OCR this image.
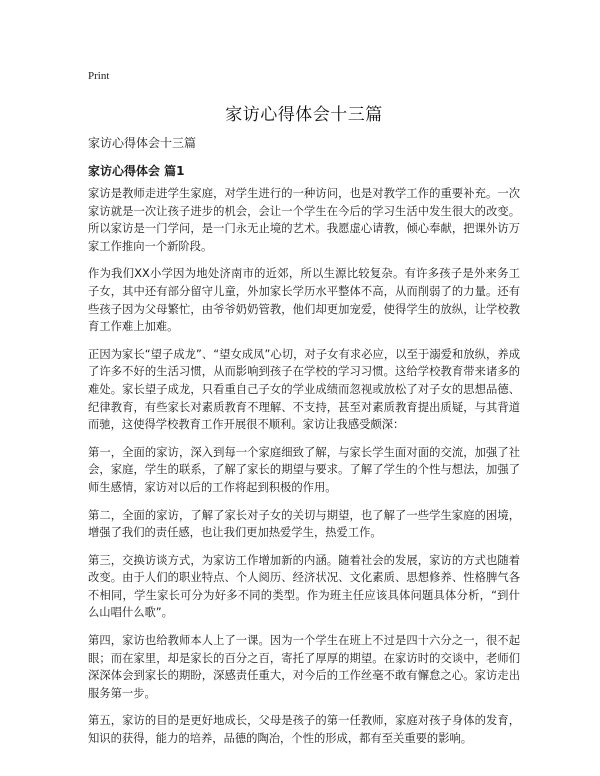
Print
家访心得体会十三篇

家访心得体会十三篇

家访心得体会 篇1

家访是教师走进学生家庭，对学生进行的一种访问，也是对教学工作的重要补充。一次家访就是一次让孩子进步的机会，会让一个学生在今后的学习生活中发生很大的改变。所以家访是一门学问，是一门永无止境的艺术。我愿虚心请教，倾心奉献，把课外访万家工作推向一个新阶段。

作为我们XX小学因为地处济南市的近郊，所以生源比较复杂。有许多孩子是外来务工子女，其中还有部分留守儿童，外加家长学历水平整体不高，从而削弱了的力量。还有些孩子因为父母繁忙，由爷爷奶奶管教，他们却更加宠爱，使得学生的放纵，让学校教育工作难上加难。

正因为家长“望子成龙”、“望女成凤”心切，对子女有求必应，以至于溺爱和放纵，养成了许多不好的生活习惯，从而影响到孩子在学校的学习习惯。这给学校教育带来诸多的难处。家长望子成龙，只看重自己子女的学业成绩而忽视或放松了对子女的思想品德、纪律教育，有些家长对素质教育不理解、不支持，甚至对素质教育提出质疑，与其背道而驰，这使得学校教育工作开展很不顺利。家访让我感受颇深：

第一，全面的家访，深入到每一个家庭细致了解，与家长学生面对面的交流，加强了社会，家庭，学生的联系，了解了家长的期望与要求。了解了学生的个性与想法，加强了师生感情，家访对以后的工作将起到积极的作用。

第二，全面的家访，了解了家长对子女的关切与期望，也了解了一些学生家庭的困境，增强了我们的责任感，也让我们更加热爱学生，热爱工作。

第三，交换访谈方式，为家访工作增加新的内涵。随着社会的发展，家访的方式也随着改变。由于人们的职业特点、个人阅历、经济状况、文化素质、思想修养、性格脾气各不相同，学生家长可分为好多不同的类型。作为班主任应该具体问题具体分析，“到什么山唱什么歌”。

第四，家访也给教师本人上了一课。因为一个学生在班上不过是四十六分之一，很不起眼；而在家里，却是家长的百分之百，寄托了厚厚的期望。在家访时的交谈中，老师们深深体会到家长的期盼，深感责任重大，对今后的工作丝毫不敢有懈怠之心。家访走出服务第一步。

第五，家访的目的是更好地成长，父母是孩子的第一任教师，家庭对孩子身体的发育，知识的获得，能力的培养，品德的陶冶，个性的形成，都有至关重要的影响。
